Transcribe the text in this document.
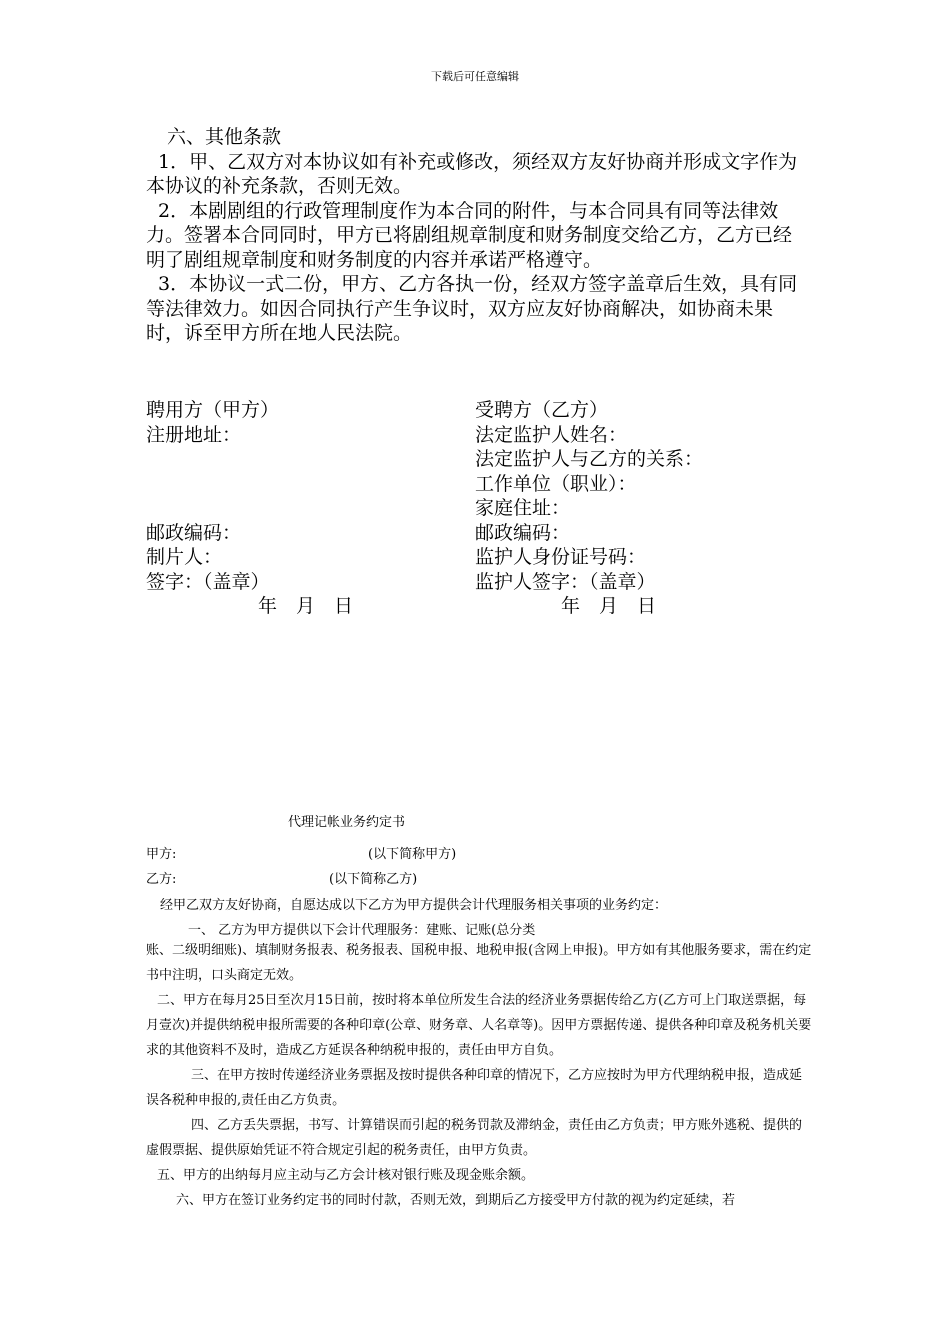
下载后可任意编辑

六、其他条款

1．甲、乙双方对本协议如有补充或修改，须经双方友好协商并形成文字作为本协议的补充条款，否则无效。

2．本剧剧组的行政管理制度作为本合同的附件，与本合同具有同等法律效力。签署本合同同时，甲方已将剧组规章制度和财务制度交给乙方，乙方已经明了剧组规章制度和财务制度的内容并承诺严格遵守。

3．本协议一式二份，甲方、乙方各执一份，经双方签字盖章后生效，具有同等法律效力。如因合同执行产生争议时，双方应友好协商解决，如协商未果时，诉至甲方所在地人民法院。

聘用方（甲方）
注册地址：

邮政编码：
制片人：
签字：（盖章）
年　月　日
受聘方（乙方）
法定监护人姓名：
法定监护人与乙方的关系：
工作单位（职业）：
家庭住址：
邮政编码：
监护人身份证号码：
监护人签字：（盖章）
年　月　日
代理记帐业务约定书
甲方:	(以下简称甲方)
乙方:	(以下简称乙方)
经甲乙双方友好协商，自愿达成以下乙方为甲方提供会计代理服务相关事项的业务约定：
一、 乙方为甲方提供以下会计代理服务：建账、记账(总分类

账、二级明细账)、填制财务报表、税务报表、国税申报、地税申报(含网上申报)。甲方如有其他服务要求，需在约定书中注明，口头商定无效。

二、甲方在每月25日至次月15日前，按时将本单位所发生合法的经济业务票据传给乙方(乙方可上门取送票据，每月壹次)并提供纳税申报所需要的各种印章(公章、财务章、人名章等)。因甲方票据传递、提供各种印章及税务机关要求的其他资料不及时，造成乙方延误各种纳税申报的，责任由甲方自负。

三、在甲方按时传递经济业务票据及按时提供各种印章的情况下，乙方应按时为甲方代理纳税申报，造成延误各税种申报的,责任由乙方负责。

四、乙方丢失票据，书写、计算错误而引起的税务罚款及滞纳金，责任由乙方负责；甲方账外逃税、提供的虚假票据、提供原始凭证不符合规定引起的税务责任，由甲方负责。

五、甲方的出纳每月应主动与乙方会计核对银行账及现金账余额。

六、甲方在签订业务约定书的同时付款，否则无效，到期后乙方接受甲方付款的视为约定延续，若
